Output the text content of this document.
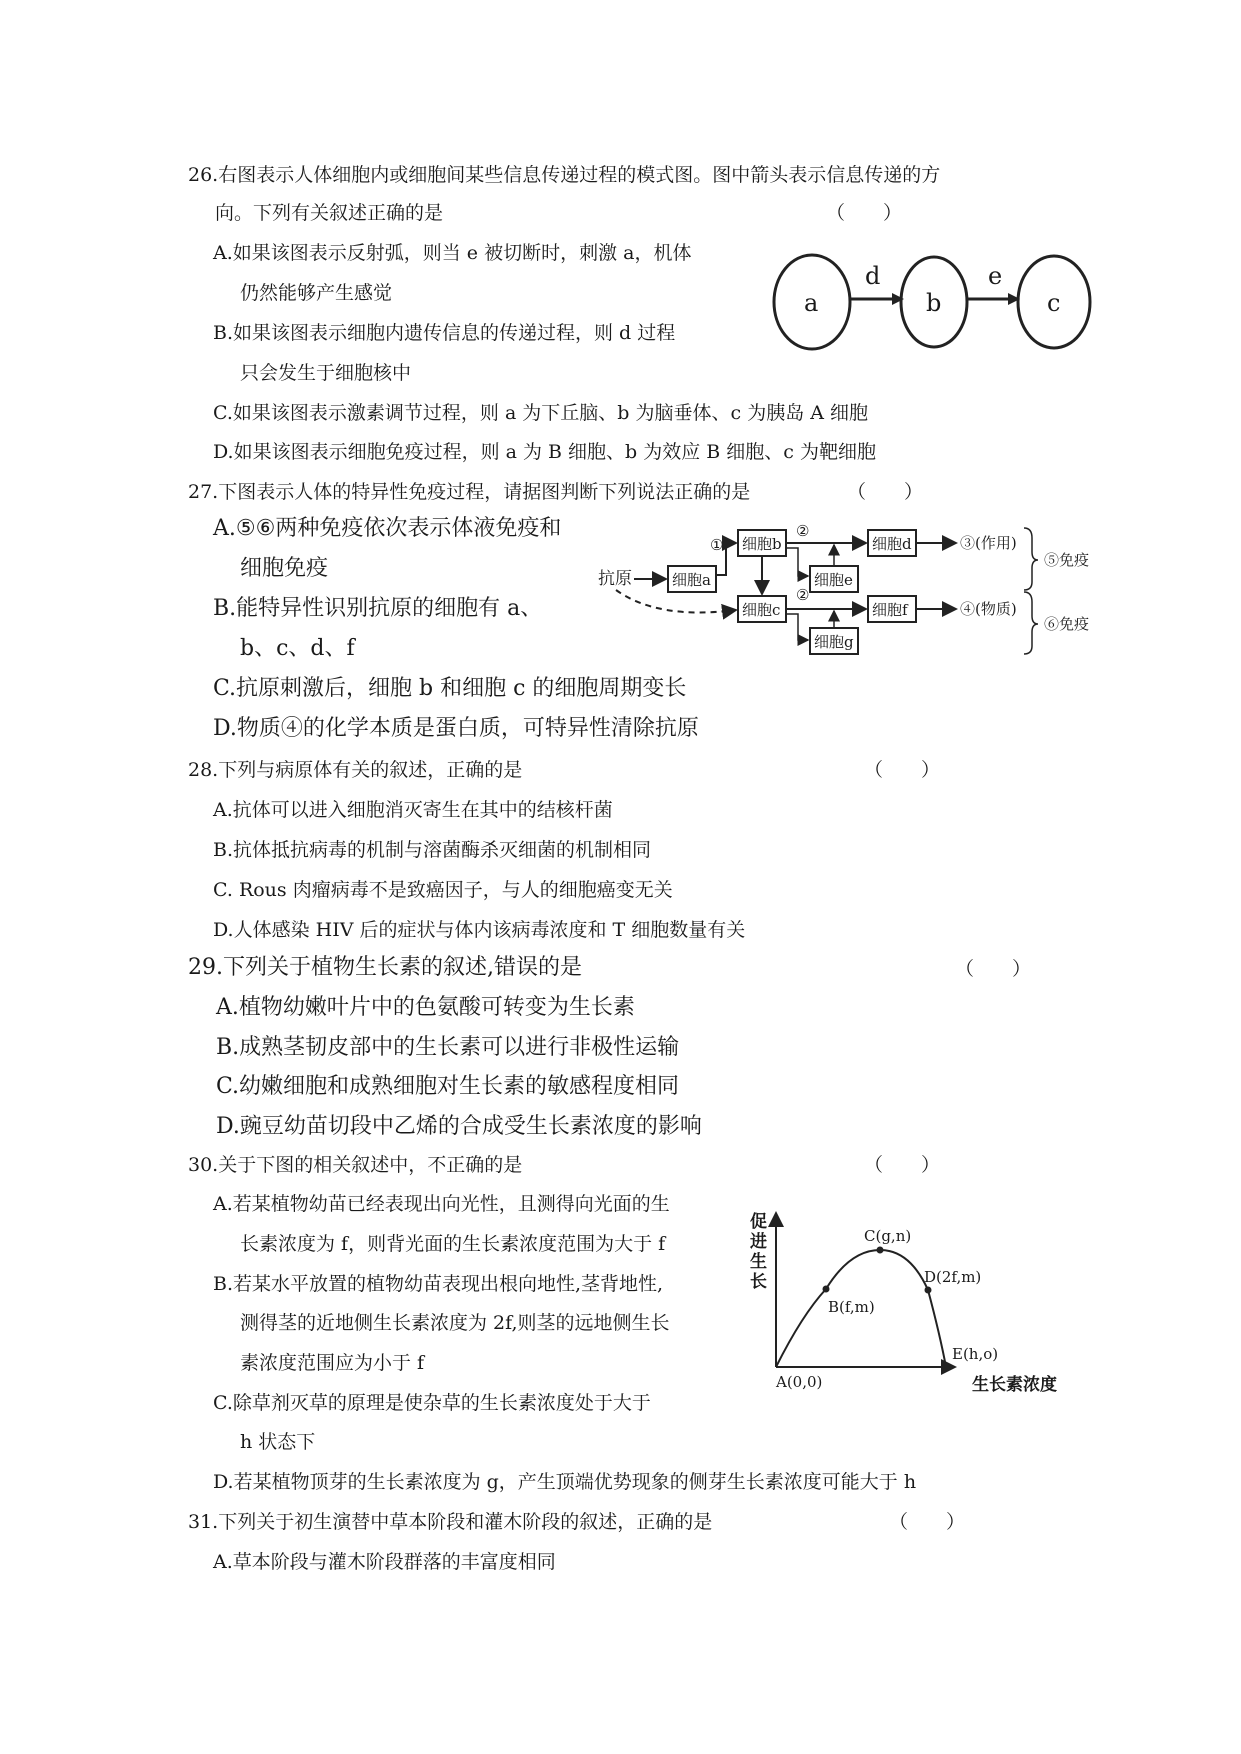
26.右图表示人体细胞内或细胞间某些信息传递过程的模式图。图中箭头表示信息传递的方
向。下列有关叙述正确的是	（　　）
A.如果该图表示反射弧，则当 e 被切断时，刺激 a，机体
仍然能够产生感觉
B.如果该图表示细胞内遗传信息的传递过程，则 d 过程
只会发生于细胞核中
C.如果该图表示激素调节过程，则 a 为下丘脑、b 为脑垂体、c 为胰岛 A 细胞
D.如果该图表示细胞免疫过程，则 a 为 B 细胞、b 为效应 B 细胞、c 为靶细胞
a	b	c
d	e
27.下图表示人体的特异性免疫过程，请据图判断下列说法正确的是	（　　）
A.⑤⑥两种免疫依次表示体液免疫和
细胞免疫
B.能特异性识别抗原的细胞有 a、
b、c、d、f
C.抗原刺激后，细胞 b 和细胞 c 的细胞周期变长
D.物质④的化学本质是蛋白质，可特异性清除抗原
细胞a
细胞b
细胞e
细胞c
细胞g
细胞d
细胞f
抗原
①
②
②
③(作用)
④(物质)
⑤免疫
⑥免疫
28.下列与病原体有关的叙述，正确的是	（　　）
A.抗体可以进入细胞消灭寄生在其中的结核杆菌
B.抗体抵抗病毒的机制与溶菌酶杀灭细菌的机制相同
C. Rous 肉瘤病毒不是致癌因子，与人的细胞癌变无关
D.人体感染 HIV 后的症状与体内该病毒浓度和 T 细胞数量有关
29.下列关于植物生长素的叙述,错误的是	（　　）
A.植物幼嫩叶片中的色氨酸可转变为生长素
B.成熟茎韧皮部中的生长素可以进行非极性运输
C.幼嫩细胞和成熟细胞对生长素的敏感程度相同
D.豌豆幼苗切段中乙烯的合成受生长素浓度的影响
30.关于下图的相关叙述中，不正确的是	（　　）
A.若某植物幼苗已经表现出向光性，且测得向光面的生
长素浓度为 f，则背光面的生长素浓度范围为大于 f
B.若某水平放置的植物幼苗表现出根向地性,茎背地性,
测得茎的近地侧生长素浓度为 2f,则茎的远地侧生长
素浓度范围应为小于 f
C.除草剂灭草的原理是使杂草的生长素浓度处于大于
h 状态下
D.若某植物顶芽的生长素浓度为 g，产生顶端优势现象的侧芽生长素浓度可能大于 h
促
进
生
长
B(f,m)
C(g,n)
D(2f,m)
E(h,o)
A(0,0)	生长素浓度
31.下列关于初生演替中草本阶段和灌木阶段的叙述，正确的是	（　　）
A.草本阶段与灌木阶段群落的丰富度相同
